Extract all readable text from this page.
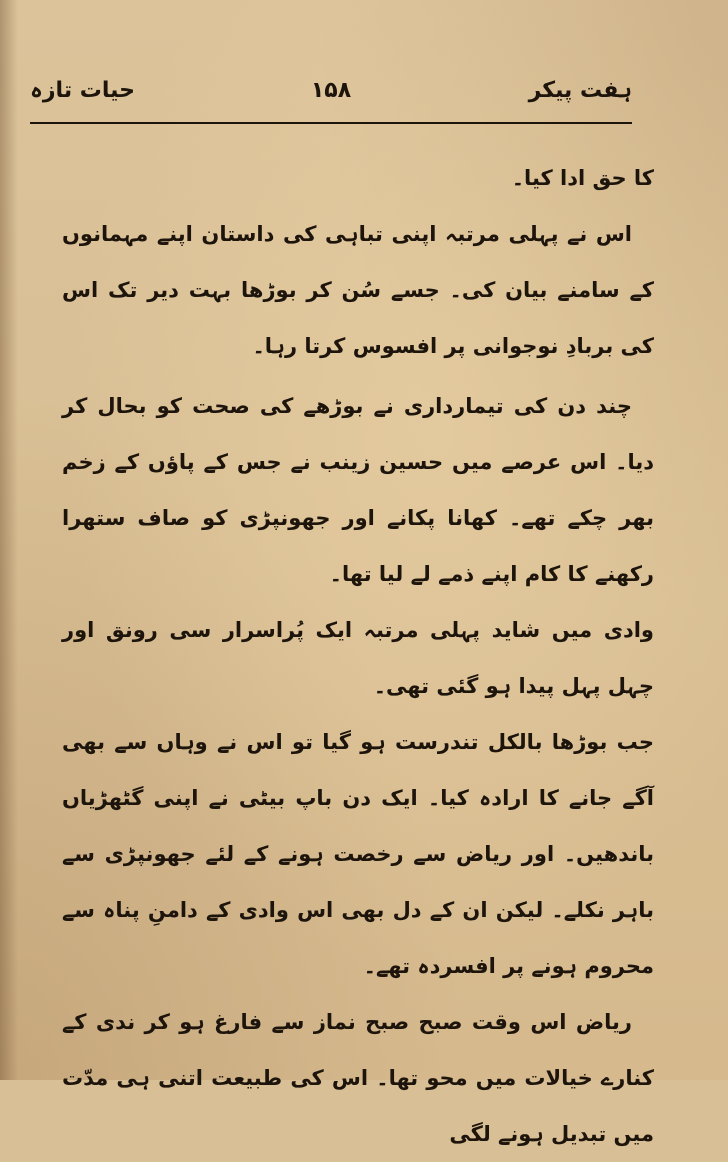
ہفت پیکر
۱۵۸
حیات تازہ

کا حق ادا کیا۔

اس نے پہلی مرتبہ اپنی تباہی کی داستان اپنے مہمانوں کے سامنے بیان کی۔ جسے سُن کر بوڑھا بہت دیر تک اس کی بربادِ نوجوانی پر افسوس کرتا رہا۔

چند دن کی تیمارداری نے بوڑھے کی صحت کو بحال کر دیا۔ اس عرصے میں حسین زینب نے جس کے پاؤں کے زخم بھر چکے تھے۔ کھانا پکانے اور جھونپڑی کو صاف ستھرا رکھنے کا کام اپنے ذمے لے لیا تھا۔

وادی میں شاید پہلی مرتبہ ایک پُراسرار سی رونق اور چہل پہل پیدا ہو گئی تھی۔

جب بوڑھا بالکل تندرست ہو گیا تو اس نے وہاں سے بھی آگے جانے کا ارادہ کیا۔ ایک دن باپ بیٹی نے اپنی گٹھڑیاں باندھیں۔ اور ریاض سے رخصت ہونے کے لئے جھونپڑی سے باہر نکلے۔ لیکن ان کے دل بھی اس وادی کے دامنِ پناہ سے محروم ہونے پر افسردہ تھے۔

ریاض اس وقت صبح صبح نماز سے فارغ ہو کر ندی کے کنارے خیالات میں محو تھا۔ اس کی طبیعت اتنی ہی مدّت میں تبدیل ہونے لگی
